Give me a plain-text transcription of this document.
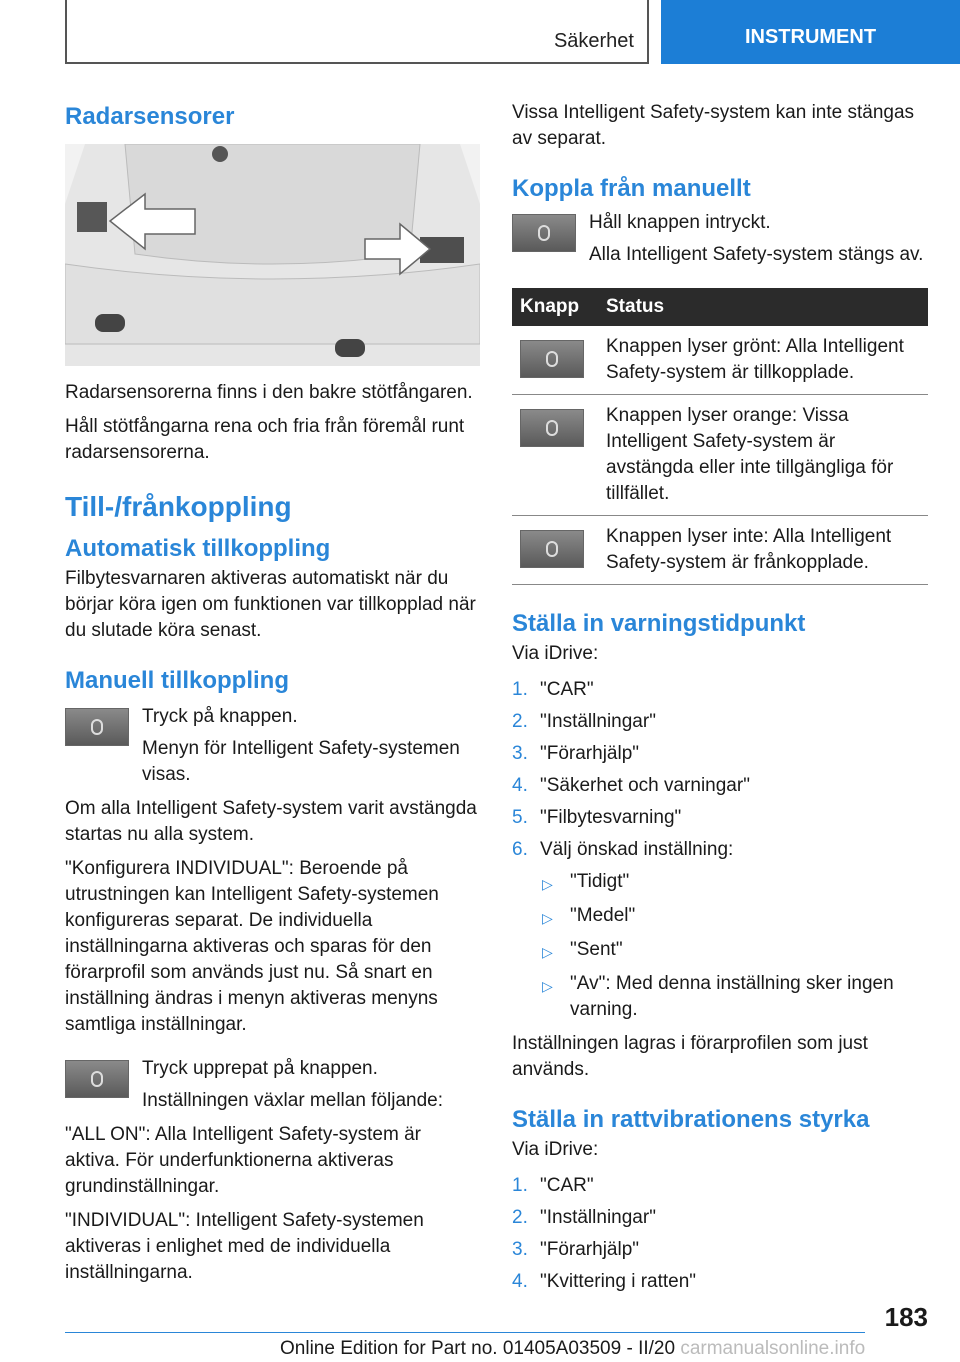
Säkerhet	INSTRUMENT
Radarsensorer

Radarsensorerna finns i den bakre stötfångaren.

Håll stötfångarna rena och fria från föremål runt radarsensorerna.

Till-/frånkoppling
Automatisk tillkoppling

Filbytesvarnaren aktiveras automatiskt när du börjar köra igen om funktionen var tillkopplad när du slutade köra senast.

Manuell tillkoppling

Tryck på knappen.

Menyn för Intelligent Safety-systemen visas.

Om alla Intelligent Safety-system varit avstängda startas nu alla system.

"Konfigurera INDIVIDUAL": Beroende på utrustningen kan Intelligent Safety-systemen konfigureras separat. De individuella inställningarna aktiveras och sparas för den förarprofil som används just nu. Så snart en inställning ändras i menyn aktiveras menyns samtliga inställningar.

Tryck upprepat på knappen.

Inställningen växlar mellan följande:

"ALL ON": Alla Intelligent Safety-system är aktiva. För underfunktionerna aktiveras grundinställningar.

"INDIVIDUAL": Intelligent Safety-systemen aktiveras i enlighet med de individuella inställningarna.

Vissa Intelligent Safety-system kan inte stängas av separat.

Koppla från manuellt

Håll knappen intryckt.

Alla Intelligent Safety-system stängs av.

Knapp	Status

	Knappen lyser grönt: Alla Intelligent Safety-system är tillkopplade.

	Knappen lyser orange: Vissa Intelligent Safety-system är avstängda eller inte tillgängliga för tillfället.

	Knappen lyser inte: Alla Intelligent Safety-system är frånkopplade.
Ställa in varningstidpunkt

Via iDrive:

1. "CAR"
2. "Inställningar"
3. "Förarhjälp"
4. "Säkerhet och varningar"
5. "Filbytesvarning"
6. Välj önskad inställning:
▷ "Tidigt"
▷ "Medel"
▷ "Sent"
▷ "Av": Med denna inställning sker ingen varning.

Inställningen lagras i förarprofilen som just används.

Ställa in rattvibrationens styrka

Via iDrive:

1. "CAR"
2. "Inställningar"
3. "Förarhjälp"
4. "Kvittering i ratten"
183
Online Edition for Part no. 01405A03509 - II/20 carmanualsonline.info
